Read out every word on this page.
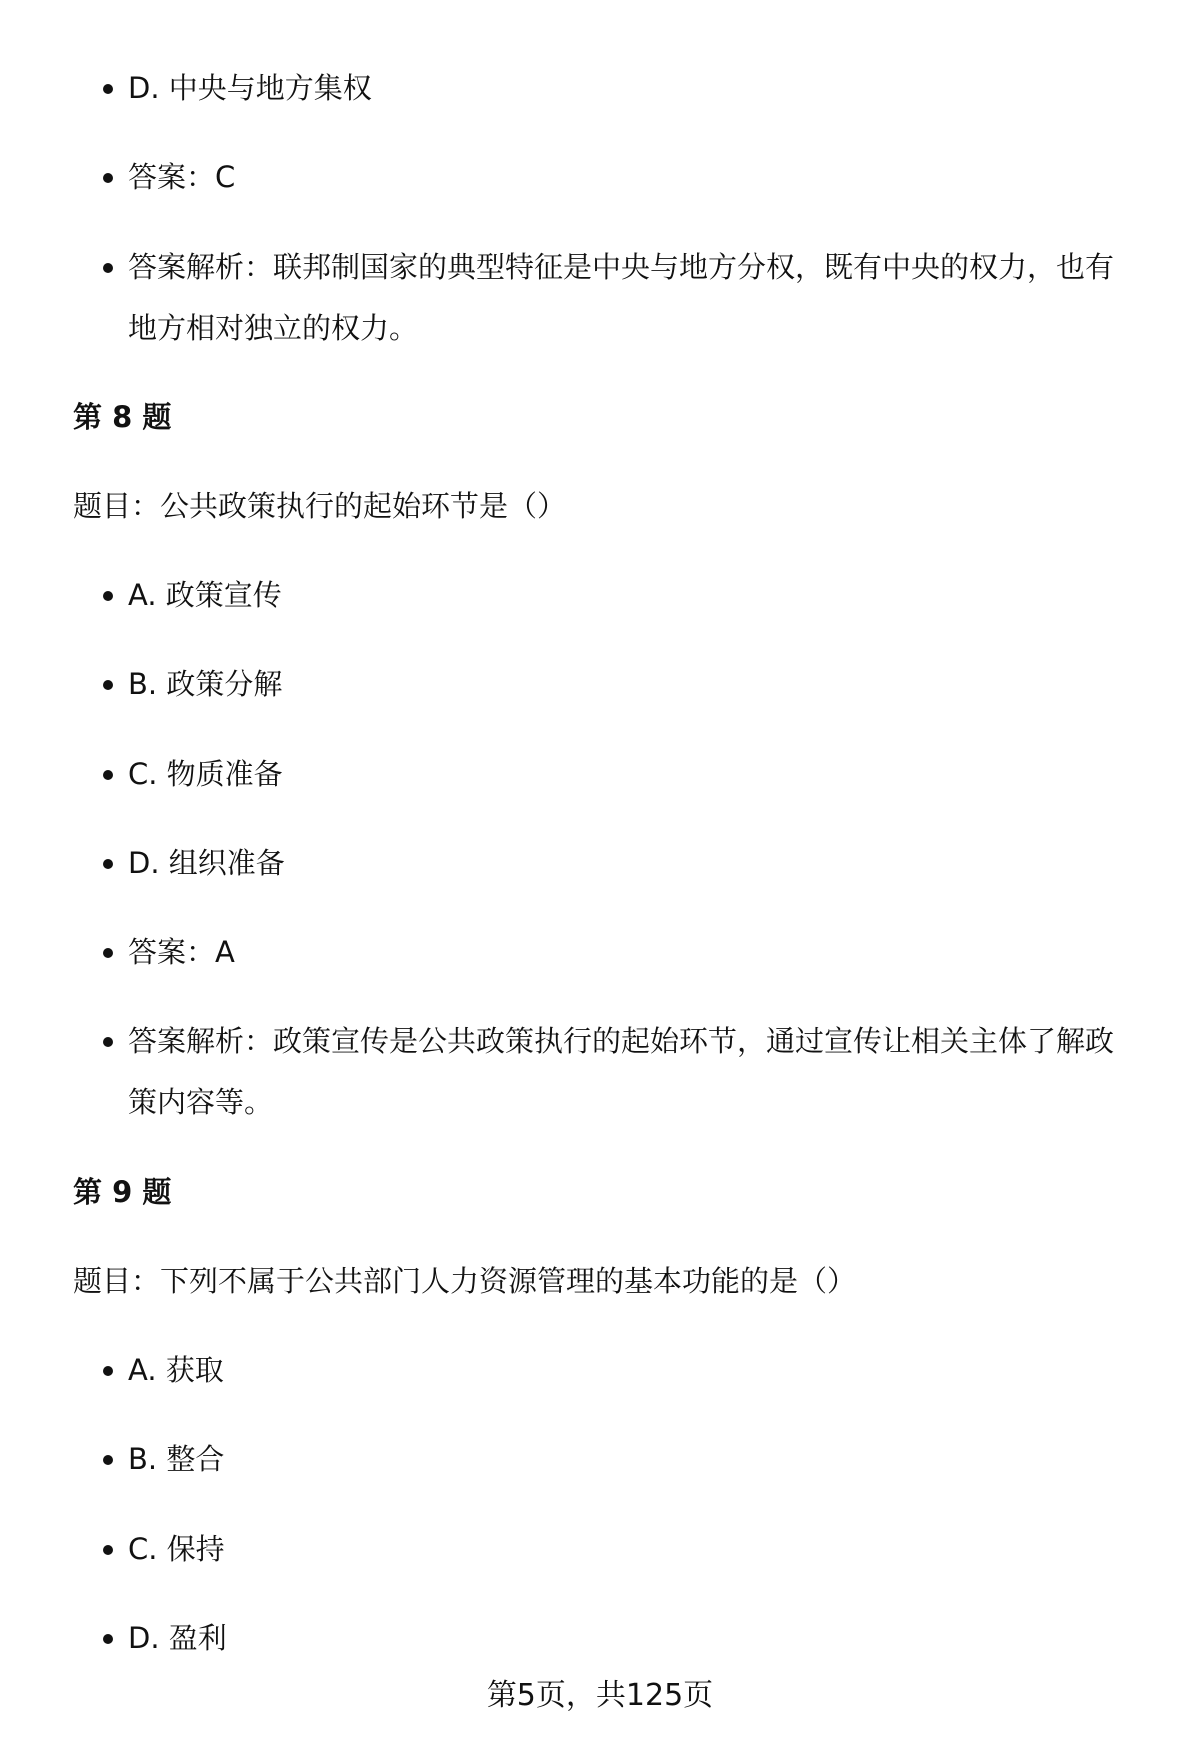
D. 中央与地方集权
答案：C
答案解析：联邦制国家的典型特征是中央与地方分权，既有中央的权力，也有地方相对独立的权力。
第 8 题
题目：公共政策执行的起始环节是（）
A. 政策宣传
B. 政策分解
C. 物质准备
D. 组织准备
答案：A
答案解析：政策宣传是公共政策执行的起始环节，通过宣传让相关主体了解政策内容等。
第 9 题
题目：下列不属于公共部门人力资源管理的基本功能的是（）
A. 获取
B. 整合
C. 保持
D. 盈利
第5页，共125页
